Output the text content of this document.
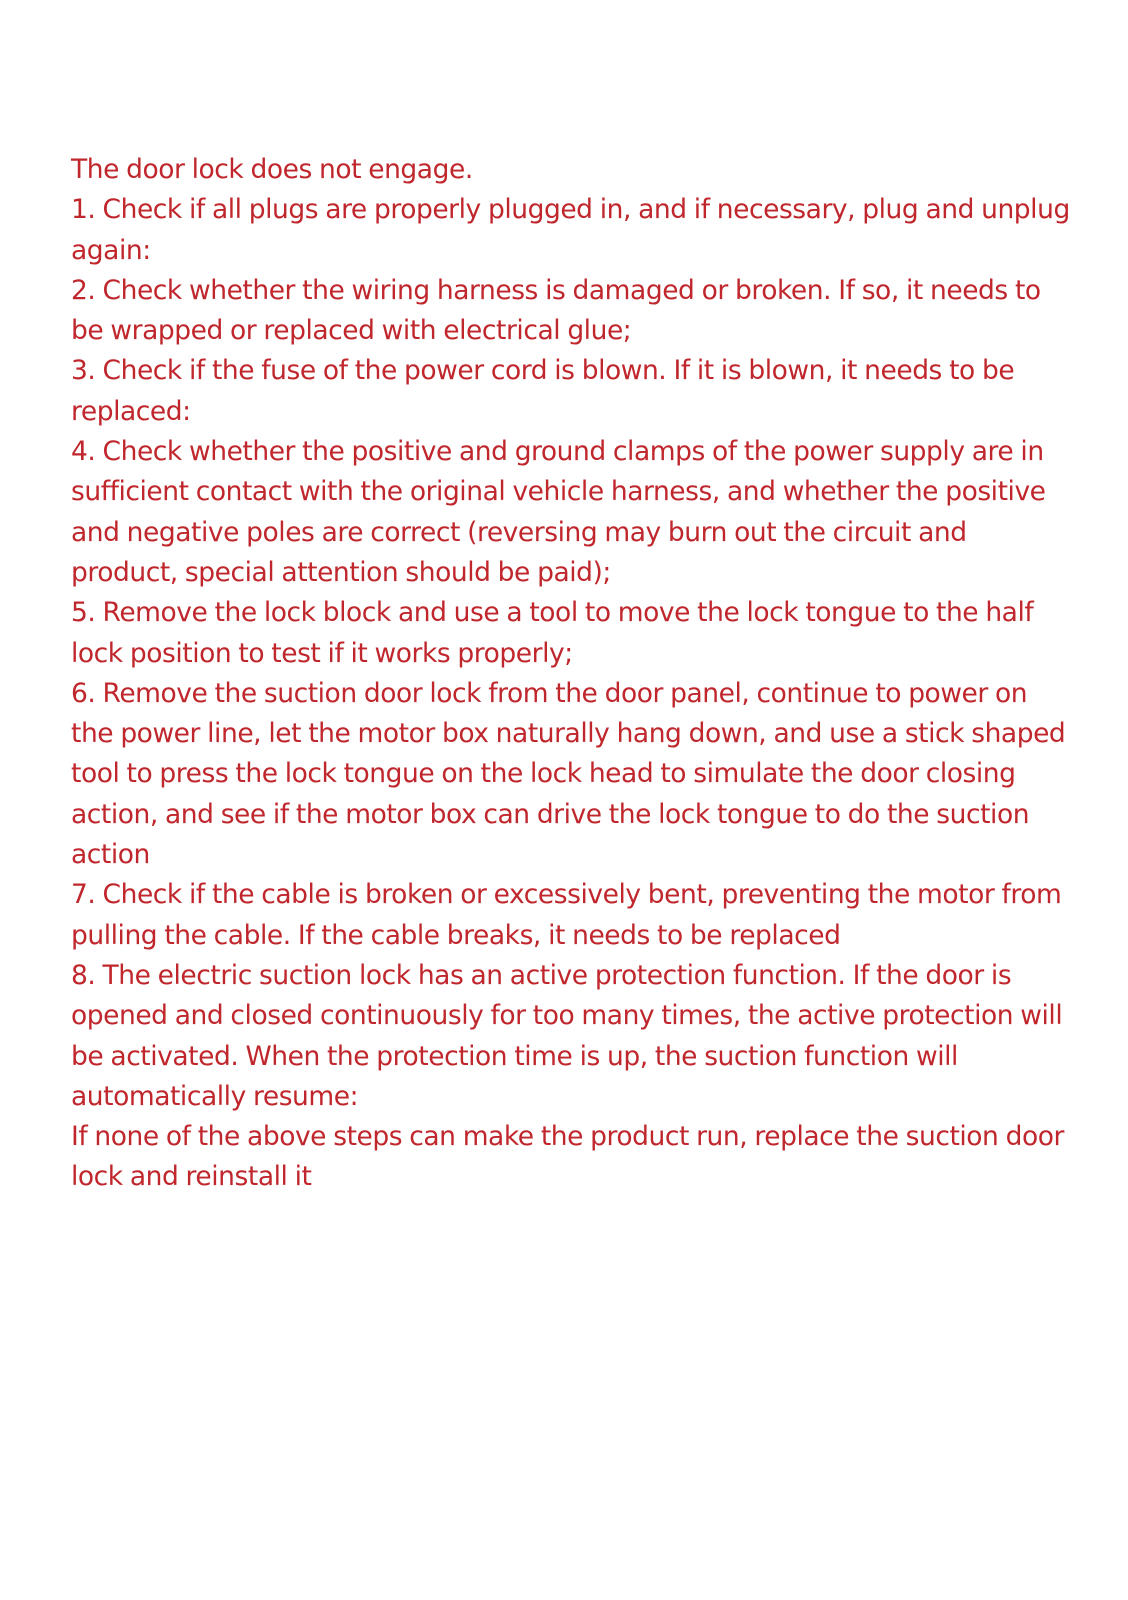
The door lock does not engage.

1. Check if all plugs are properly plugged in, and if necessary, plug and unplug again:

2. Check whether the wiring harness is damaged or broken. If so, it needs to be wrapped or replaced with electrical glue;

3. Check if the fuse of the power cord is blown. If it is blown, it needs to be replaced:

4. Check whether the positive and ground clamps of the power supply are in sufficient contact with the original vehicle harness, and whether the positive and negative poles are correct (reversing may burn out the circuit and product, special attention should be paid);

5. Remove the lock block and use a tool to move the lock tongue to the half lock position to test if it works properly;

6. Remove the suction door lock from the door panel, continue to power on the power line, let the motor box naturally hang down, and use a stick shaped tool to press the lock tongue on the lock head to simulate the door closing action, and see if the motor box can drive the lock tongue to do the suction action

7. Check if the cable is broken or excessively bent, preventing the motor from pulling the cable. If the cable breaks, it needs to be replaced

8. The electric suction lock has an active protection function. If the door is opened and closed continuously for too many times, the active protection will be activated. When the protection time is up, the suction function will automatically resume:

If none of the above steps can make the product run, replace the suction door lock and reinstall it
